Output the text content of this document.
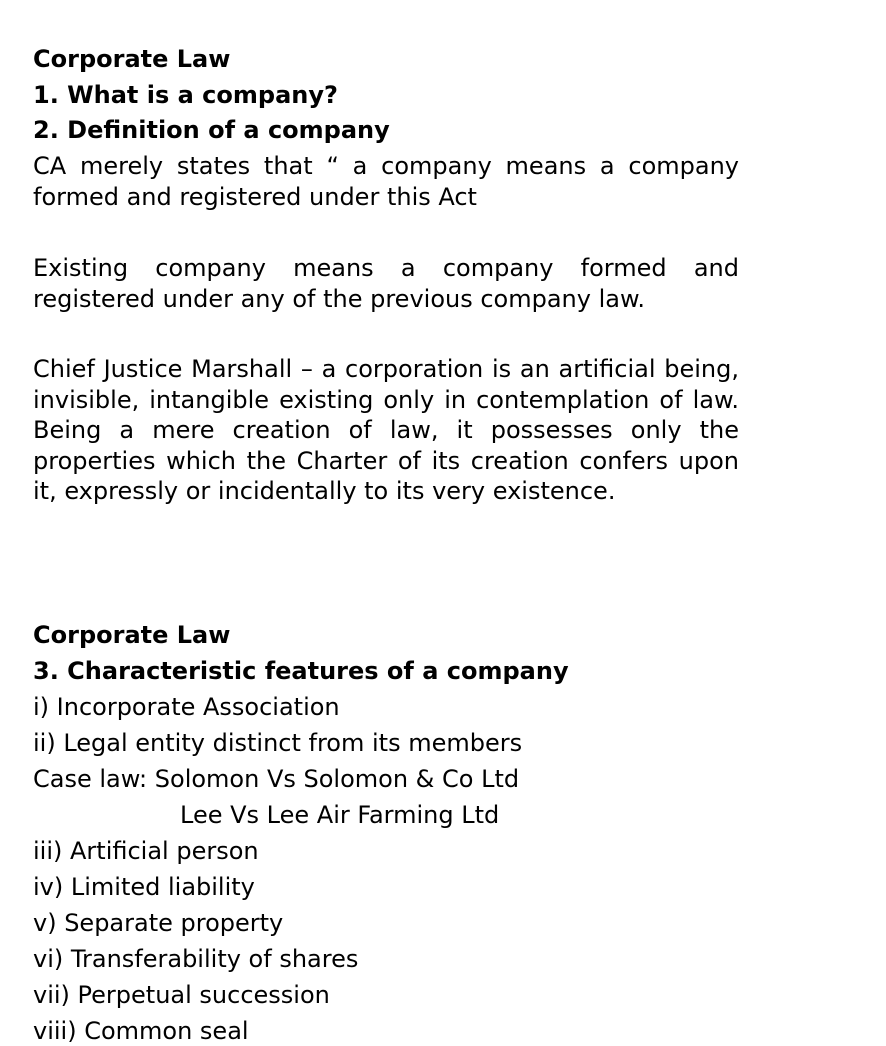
Corporate Law
1. What is a company?
2. Definition of a company
CA merely states that “ a company means a company formed and registered under this Act
Existing company means a company formed and registered under any of the previous company law.
Chief Justice Marshall – a corporation is an artificial being, invisible, intangible existing only in contemplation of law. Being a mere creation of law, it possesses only the properties which the Charter of its creation confers upon it, expressly or incidentally to its very existence.
Corporate Law
3. Characteristic features of a company
i) Incorporate Association
ii) Legal entity distinct from its members
Case law: Solomon Vs Solomon & Co Ltd
Lee Vs Lee Air Farming Ltd
iii) Artificial person
iv) Limited liability
v) Separate property
vi) Transferability of shares
vii) Perpetual succession
viii) Common seal
